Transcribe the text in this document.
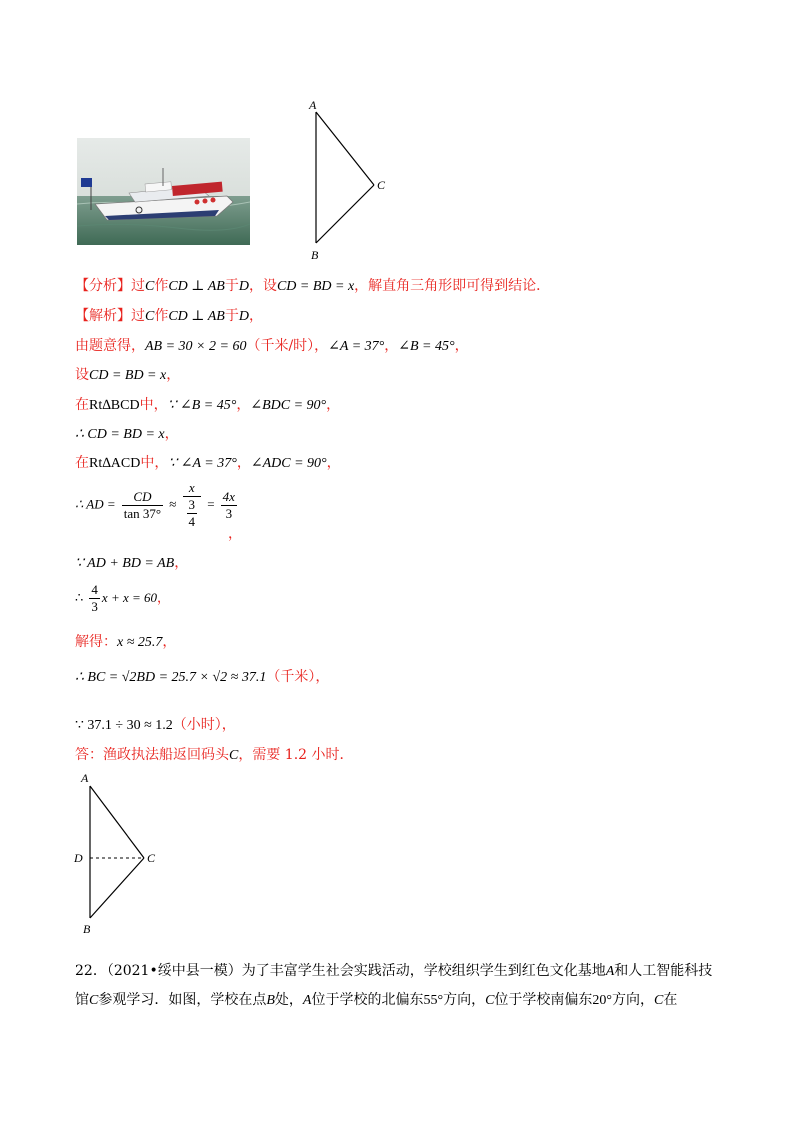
A
B
C
【分析】过C作CD ⊥ AB于D，设CD = BD = x，解直角三角形即可得到结论．
【解析】过C作CD ⊥ AB于D，
由题意得，AB = 30 × 2 = 60（千米/时），∠A = 37°，∠B = 45°，
设CD = BD = x，
在Rt∆BCD中，∵ ∠B = 45°，∠BDC = 90°，
∴ CD = BD = x，
在Rt∆ACD中，∵ ∠A = 37°，∠ADC = 90°，
∴ AD = $\frac{CD}{\tan 37^\circ} \approx \frac{x}{\frac{3}{4}} = \frac{4x}{3}$
，
∵ AD + BD = AB，
∴ $\frac{4}{3}$ x + x = 60，
解得：x ≈ 25.7，
∴ BC = √2BD = 25.7 × √2 ≈ 37.1（千米），
∵ 37.1 ÷ 30 ≈ 1.2（小时），
答：渔政执法船返回码头C，需要 1.2 小时．
A
B
C
D
22．（2021•绥中县一模）为了丰富学生社会实践活动，学校组织学生到红色文化基地A和人工智能科技
馆C参观学习．如图，学校在点B处，A位于学校的北偏东55°方向，C位于学校南偏东20°方向，C在
